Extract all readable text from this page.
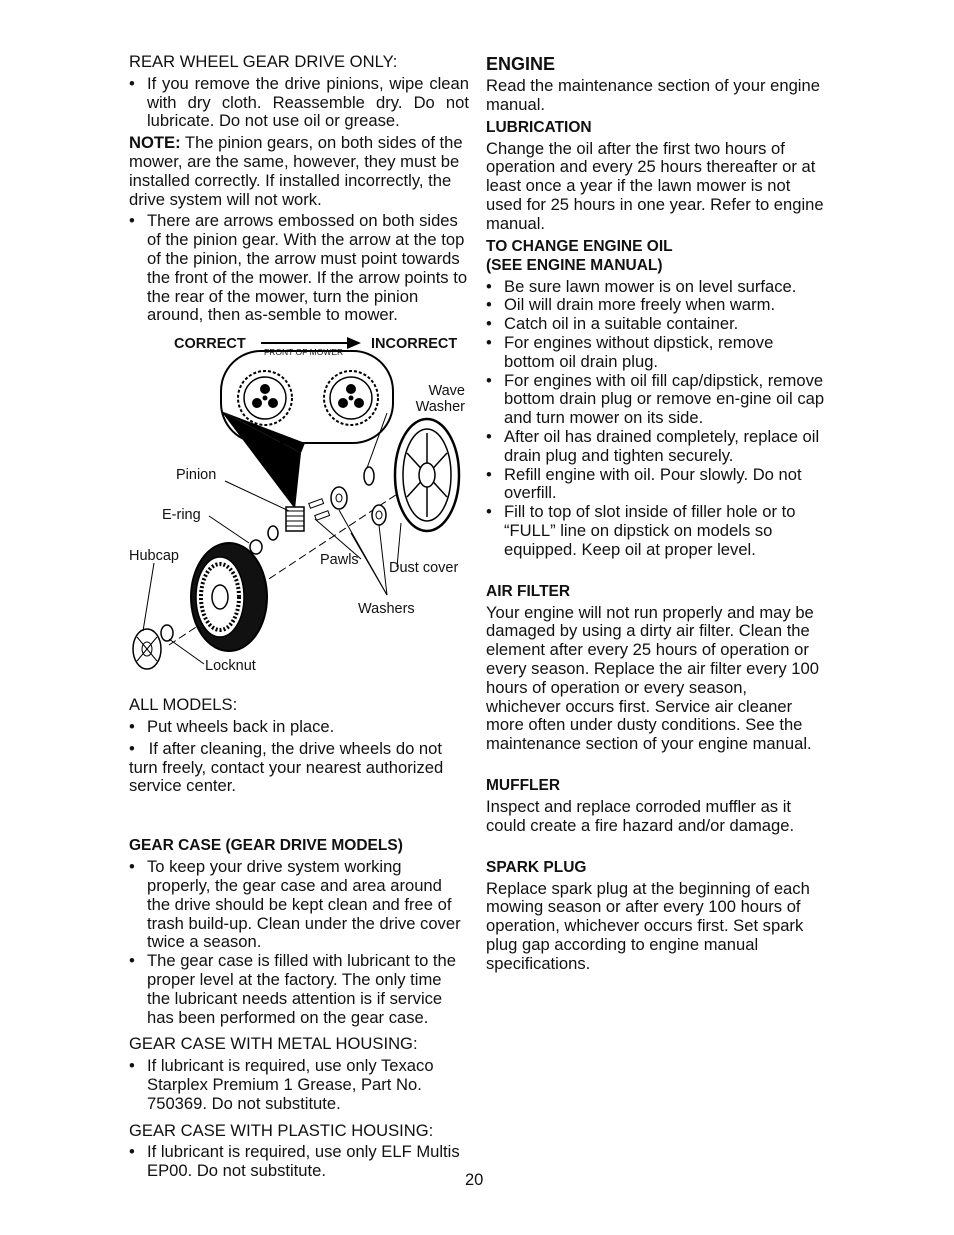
REAR WHEEL GEAR DRIVE ONLY:

• If you remove the drive pinions, wipe clean with dry cloth. Reassemble dry. Do not lubricate. Do not use oil or grease.

NOTE: The pinion gears, on both sides of the mower, are the same, however, they must be installed correctly. If installed incorrectly, the drive system will not work.

• There are arrows embossed on both sides of the pinion gear. With the arrow at the top of the pinion, the arrow must point towards the front of the mower. If the arrow points to the rear of the mower, turn the pinion around, then as-semble to mower.
CORRECT	INCORRECT
FRONT OF MOWER
Wave
Washer
Pinion
E-ring
Hubcap	Pawls Dust cover
Washers
Locknut

ALL MODELS:

• Put wheels back in place.

•   If after cleaning, the drive wheels do not turn freely, contact your nearest authorized service center.

GEAR CASE (GEAR DRIVE MODELS)

• To keep your drive system working properly, the gear case and area around the drive should be kept clean and free of trash build-up. Clean under the drive cover twice a season.
• The gear case is filled with lubricant to the proper level at the factory. The only time the lubricant needs attention is if service has been performed on the gear case.

GEAR CASE WITH METAL HOUSING:

• If lubricant is required, use only Texaco Starplex Premium 1 Grease, Part No. 750369. Do not substitute.

GEAR CASE WITH PLASTIC HOUSING:

• If lubricant is required, use only ELF Multis EP00. Do not substitute.

ENGINE

Read the maintenance section of your engine manual.

LUBRICATION

Change the oil after the first two hours of operation and every 25 hours thereafter or at least once a year if the lawn mower is not used for 25 hours in one year. Refer to engine manual.

TO CHANGE ENGINE OIL

(SEE ENGINE MANUAL)

• Be sure lawn mower is on level surface.
• Oil will drain more freely when warm.
• Catch oil in a suitable container.
• For engines without dipstick, remove bottom oil drain plug.
• For engines with oil fill cap/dipstick, remove bottom drain plug or remove en-gine oil cap and turn mower on its side.
• After oil has drained completely, replace oil drain plug and tighten securely.
• Refill engine with oil. Pour slowly. Do not overfill.
• Fill to top of slot inside of filler hole or to “FULL” line on dipstick on models so equipped. Keep oil at proper level.

AIR FILTER

Your engine will not run properly and may be damaged by using a dirty air filter. Clean the element after every 25 hours of operation or every season. Replace the air filter every 100 hours of operation or every season, whichever occurs first. Service air cleaner more often under dusty conditions. See the maintenance section of your engine manual.

MUFFLER

Inspect and replace corroded muffler as it could create a fire hazard and/or damage.

SPARK PLUG

Replace spark plug at the beginning of each mowing season or after every 100 hours of operation, whichever occurs first. Set spark plug gap according to engine manual specifications.

20
